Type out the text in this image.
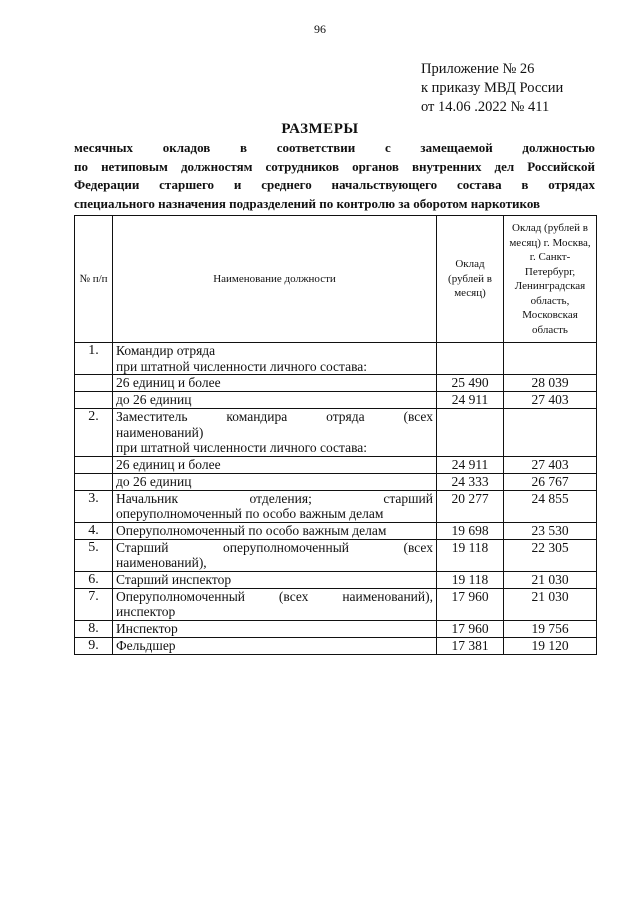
96
Приложение № 26
к приказу МВД России
от 14.06 .2022 № 411
РАЗМЕРЫ
месячных окладов в соответствии с замещаемой должностью
по нетиповым должностям сотрудников органов внутренних дел Российской
Федерации старшего и среднего начальствующего состава в отрядах
специального назначения подразделений по контролю за оборотом наркотиков
№ п/п	Наименование должности	Оклад (рублей в месяц)	Оклад (рублей в месяц) г. Москва, г. Санкт-Петербург, Ленинградская область, Московская область
1.	Командир отряда
при штатной численности личного состава:		

	26 единиц и более	25 490	28 039
	до 26 единиц	24 911	27 403
2.	Заместитель командира отряда (всех
наименований)
при штатной численности личного состава:		

	26 единиц и более	24 911	27 403
	до 26 единиц	24 333	26 767
3.	Начальник отделения; старший
оперуполномоченный по особо важным делам	20 277	24 855
4.	Оперуполномоченный по особо важным делам	19 698	23 530
5.	Старший оперуполномоченный (всех
наименований),	19 118	22 305
6.	Старший инспектор	19 118	21 030
7.	Оперуполномоченный (всех наименований),
инспектор	17 960	21 030
8.	Инспектор	17 960	19 756
9.	Фельдшер	17 381	19 120
